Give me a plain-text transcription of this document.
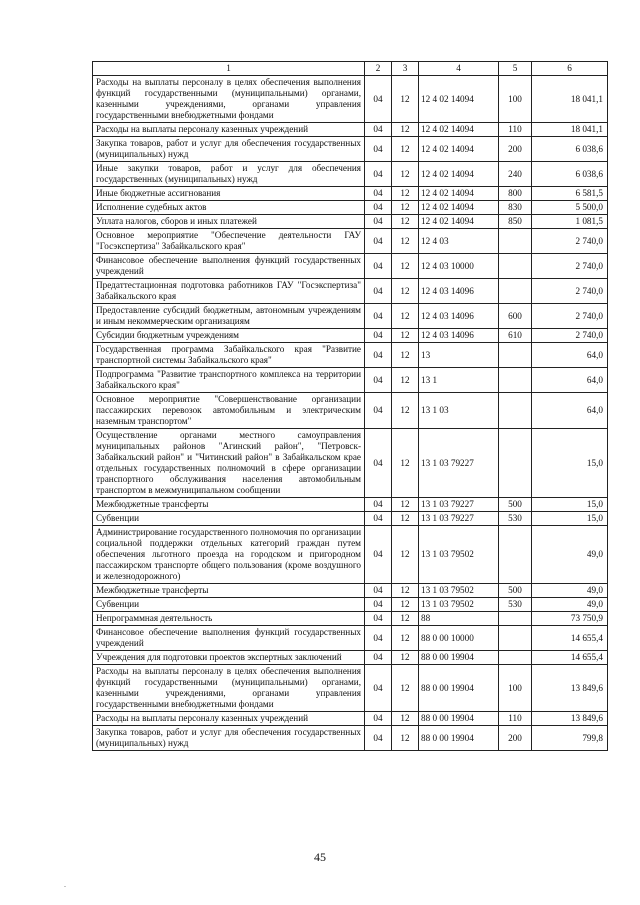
1	2	3	4	5	6
Расходы на выплаты персоналу в целях обеспечения выполнения функций государственными (муниципальными) органами, казенными учреждениями, органами управления государственными внебюджетными фондами	04	12	12 4 02 14094	100	18 041,1
Расходы на выплаты персоналу казенных учреждений	04	12	12 4 02 14094	110	18 041,1
Закупка товаров, работ и услуг для обеспечения государственных (муниципальных) нужд	04	12	12 4 02 14094	200	6 038,6
Иные закупки товаров, работ и услуг для обеспечения государственных (муниципальных) нужд	04	12	12 4 02 14094	240	6 038,6
Иные бюджетные ассигнования	04	12	12 4 02 14094	800	6 581,5
Исполнение судебных актов	04	12	12 4 02 14094	830	5 500,0
Уплата налогов, сборов и иных платежей	04	12	12 4 02 14094	850	1 081,5
Основное мероприятие "Обеспечение деятельности ГАУ "Госэкспертиза" Забайкальского края"	04	12	12 4 03		2 740,0
Финансовое обеспечение выполнения функций государственных учреждений	04	12	12 4 03 10000		2 740,0
Предаттестационная подготовка работников ГАУ "Госэкспертиза" Забайкальского края	04	12	12 4 03 14096		2 740,0
Предоставление субсидий бюджетным, автономным учреждениям и иным некоммерческим организациям	04	12	12 4 03 14096	600	2 740,0
Субсидии бюджетным учреждениям	04	12	12 4 03 14096	610	2 740,0
Государственная программа Забайкальского края "Развитие транспортной системы Забайкальского края"	04	12	13		64,0
Подпрограмма "Развитие транспортного комплекса на территории Забайкальского края"	04	12	13 1		64,0
Основное мероприятие "Совершенствование организации пассажирских перевозок автомобильным и электрическим наземным транспортом"	04	12	13 1 03		64,0
Осуществление органами местного самоуправления муниципальных районов "Агинский район", "Петровск-Забайкальский район" и "Читинский район" в Забайкальском крае отдельных государственных полномочий в сфере организации транспортного обслуживания населения автомобильным транспортом в межмуниципальном сообщении	04	12	13 1 03 79227		15,0
Межбюджетные трансферты	04	12	13 1 03 79227	500	15,0
Субвенции	04	12	13 1 03 79227	530	15,0
Администрирование государственного полномочия по организации социальной поддержки отдельных категорий граждан путем обеспечения льготного проезда на городском и пригородном пассажирском транспорте общего пользования (кроме воздушного и железнодорожного)	04	12	13 1 03 79502		49,0
Межбюджетные трансферты	04	12	13 1 03 79502	500	49,0
Субвенции	04	12	13 1 03 79502	530	49,0
Непрограммная деятельность	04	12	88		73 750,9
Финансовое обеспечение выполнения функций государственных учреждений	04	12	88 0 00 10000		14 655,4
Учреждения для подготовки проектов экспертных заключений	04	12	88 0 00 19904		14 655,4
Расходы на выплаты персоналу в целях обеспечения выполнения функций государственными (муниципальными) органами, казенными учреждениями, органами управления государственными внебюджетными фондами	04	12	88 0 00 19904	100	13 849,6
Расходы на выплаты персоналу казенных учреждений	04	12	88 0 00 19904	110	13 849,6
Закупка товаров, работ и услуг для обеспечения государственных (муниципальных) нужд	04	12	88 0 00 19904	200	799,8
45
.
